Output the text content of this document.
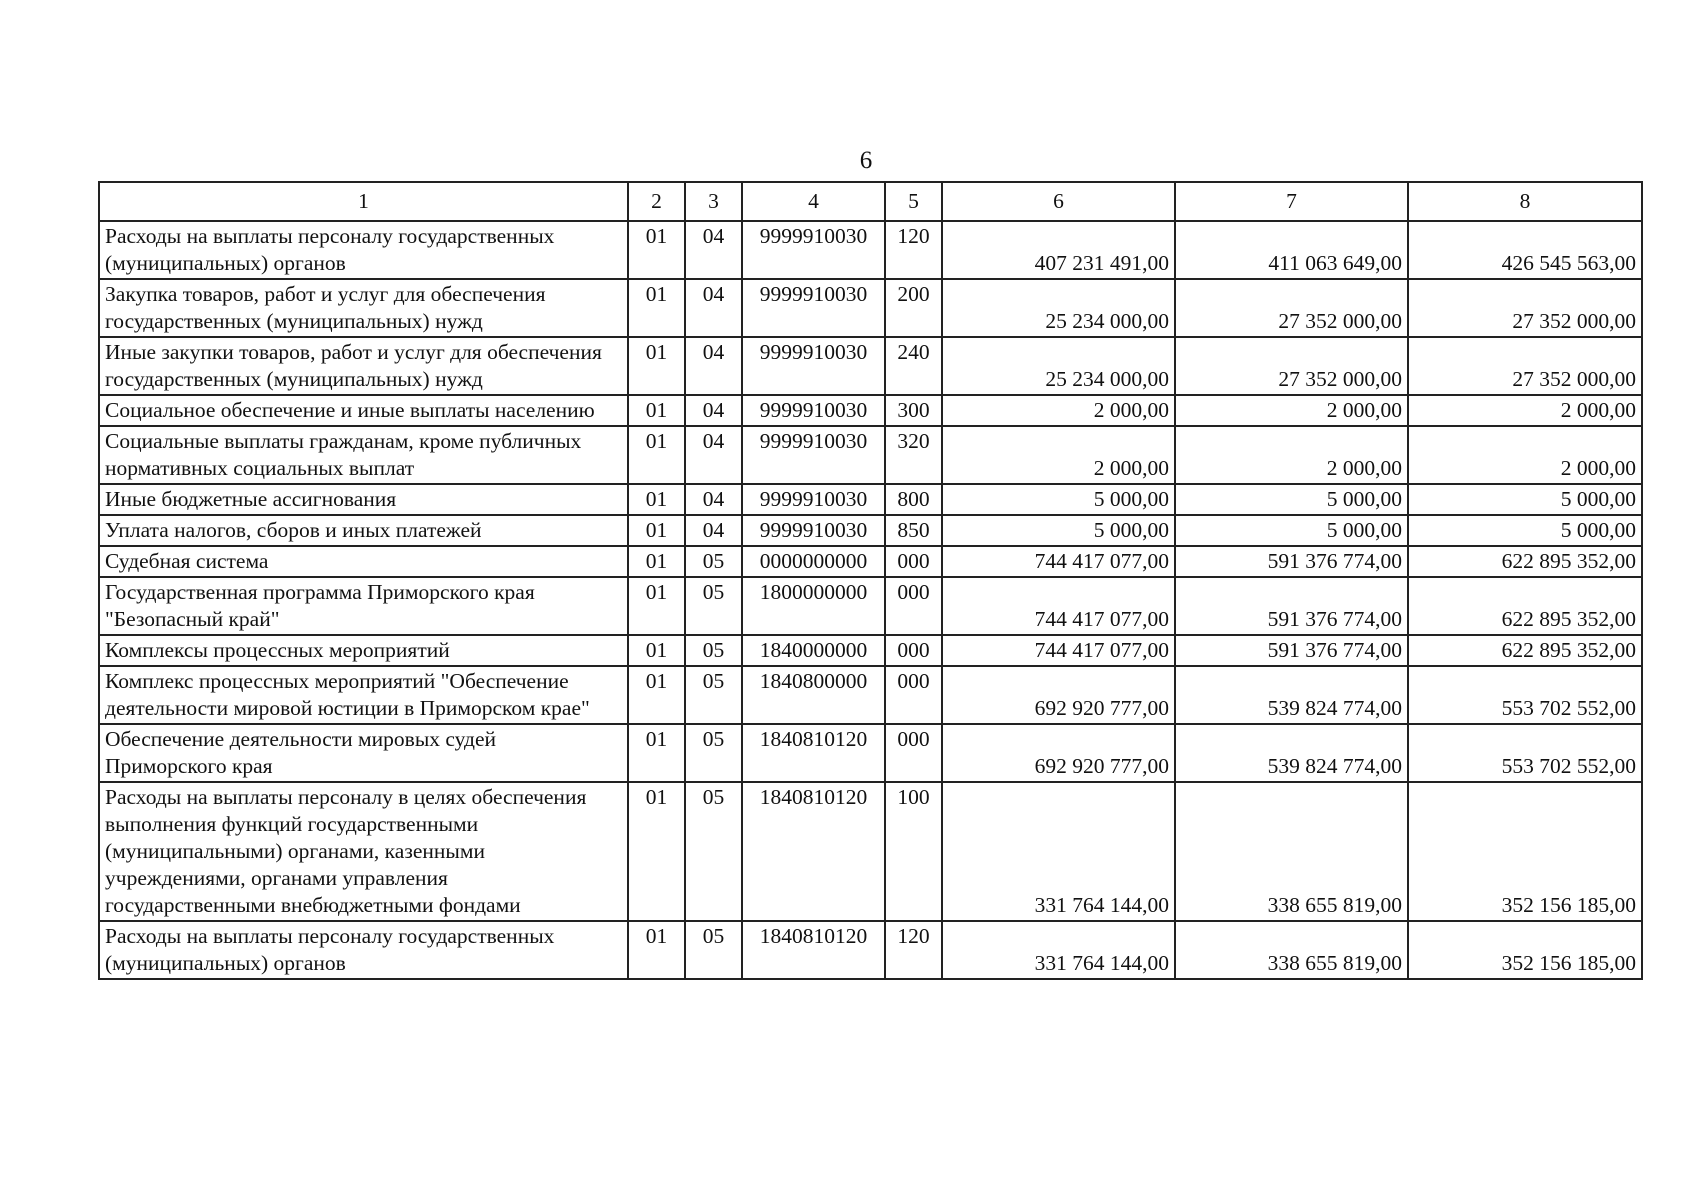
6
1	2	3	4	5	6	7	8
Расходы на выплаты персоналу государственных (муниципальных) органов	01	04	9999910030	120	407 231 491,00	411 063 649,00	426 545 563,00
Закупка товаров, работ и услуг для обеспечения государственных (муниципальных) нужд	01	04	9999910030	200	25 234 000,00	27 352 000,00	27 352 000,00
Иные закупки товаров, работ и услуг для обеспечения государственных (муниципальных) нужд	01	04	9999910030	240	25 234 000,00	27 352 000,00	27 352 000,00
Социальное обеспечение и иные выплаты населению	01	04	9999910030	300	2 000,00	2 000,00	2 000,00
Социальные выплаты гражданам, кроме публичных нормативных социальных выплат	01	04	9999910030	320	2 000,00	2 000,00	2 000,00
Иные бюджетные ассигнования	01	04	9999910030	800	5 000,00	5 000,00	5 000,00
Уплата налогов, сборов и иных платежей	01	04	9999910030	850	5 000,00	5 000,00	5 000,00
Судебная система	01	05	0000000000	000	744 417 077,00	591 376 774,00	622 895 352,00
Государственная программа Приморского края "Безопасный край"	01	05	1800000000	000	744 417 077,00	591 376 774,00	622 895 352,00
Комплексы процессных мероприятий	01	05	1840000000	000	744 417 077,00	591 376 774,00	622 895 352,00
Комплекс процессных мероприятий "Обеспечение деятельности мировой юстиции в Приморском крае"	01	05	1840800000	000	692 920 777,00	539 824 774,00	553 702 552,00
Обеспечение деятельности мировых судей Приморского края	01	05	1840810120	000	692 920 777,00	539 824 774,00	553 702 552,00
Расходы на выплаты персоналу в целях обеспечения выполнения функций государственными (муниципальными) органами, казенными учреждениями, органами управления государственными внебюджетными фондами	01	05	1840810120	100	331 764 144,00	338 655 819,00	352 156 185,00
Расходы на выплаты персоналу государственных (муниципальных) органов	01	05	1840810120	120	331 764 144,00	338 655 819,00	352 156 185,00
